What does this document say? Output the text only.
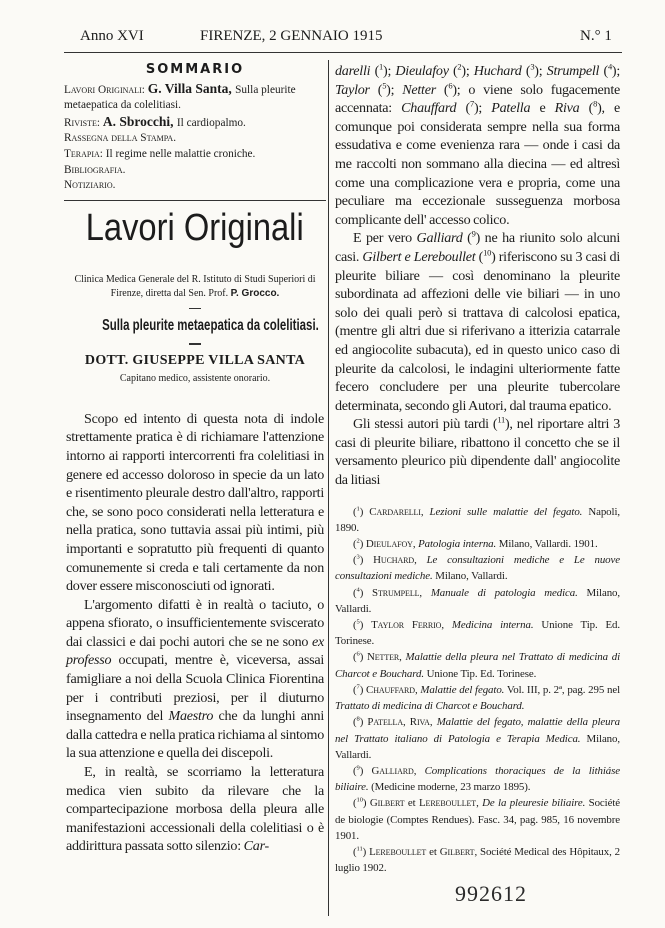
Anno XVI	FIRENZE, 2 GENNAIO 1915	N.° 1
SOMMARIO
Lavori Originali: G. Villa Santa, Sulla pleurite metaepatica da colelitiasi.
Riviste: A. Sbrocchi, Il cardiopalmo.
Rassegna della Stampa.
Terapia: Il regime nelle malattie croniche.
Bibliografia.
Notiziario.
Lavori Originali
Clinica Medica Generale del R. Istituto di Studi Superiori di Firenze, diretta dal Sen. Prof. P. Grocco.
Sulla pleurite metaepatica da colelitiasi.
DOTT. GIUSEPPE VILLA SANTA
Capitano medico, assistente onorario.

Scopo ed intento di questa nota di indole strettamente pratica è di richiamare l'attenzione intorno ai rapporti intercorrenti fra colelitiasi in genere ed accesso doloroso in specie da un lato e risentimento pleurale destro dall'altro, rapporti che, se sono poco considerati nella letteratura e nella pratica, sono tuttavia assai più intimi, più importanti e sopratutto più frequenti di quanto comunemente si creda e tali certamente da non dover essere misconosciuti od ignorati.

L'argomento difatti è in realtà o taciuto, o appena sfiorato, o insufficientemente sviscerato dai classici e dai pochi autori che se ne sono ex professo occupati, mentre è, viceversa, assai famigliare a noi della Scuola Clinica Fiorentina per i contributi preziosi, per il diuturno insegnamento del Maestro che da lunghi anni dalla cattedra e nella pratica richiama al sintomo la sua attenzione e quella dei discepoli.

E, in realtà, se scorriamo la letteratura medica vien subito da rilevare che la compartecipazione morbosa della pleura alle manifestazioni accessionali della colelitiasi o è addirittura passata sotto silenzio: Car-

darelli ($^1$); Dieulafoy ($^2$); Huchard ($^3$); Strumpell ($^4$); Taylor ($^5$); Netter ($^6$); o viene solo fugacemente accennata: Chauffard ($^7$); Patella e Riva ($^8$), e comunque poi considerata sempre nella sua forma essudativa e come evenienza rara — onde i casi da me raccolti non sommano alla diecina — ed altresì come una complicazione vera e propria, come una peculiare ma eccezionale susseguenza morbosa complicante dell' accesso colico.

E per vero Galliard ($^9$) ne ha riunito solo alcuni casi. Gilbert e Lereboullet ($^{10}$) riferiscono su 3 casi di pleurite biliare — così denominano la pleurite subordinata ad affezioni delle vie biliari — in uno solo dei quali però si trattava di calcolosi epatica, (mentre gli altri due si riferivano a itterizia catarrale ed angiocolite subacuta), ed in questo unico caso di pleurite da calcolosi, le indagini ulteriormente fatte fecero concludere per una pleurite tubercolare determinata, secondo gli Autori, dal trauma epatico.

Gli stessi autori più tardi ($^{11}$), nel riportare altri 3 casi di pleurite biliare, ribattono il concetto che se il versamento pleurico più dipendente dall' angiocolite da litiasi

($^1$) Cardarelli, Lezioni sulle malattie del fegato. Napoli, 1890.

($^2$) Dieulafoy, Patologia interna. Milano, Vallardi. 1901.

($^3$) Huchard, Le consultazioni mediche e Le nuove consultazioni mediche. Milano, Vallardi.

($^4$) Strumpell, Manuale di patologia medica. Milano, Vallardi.

($^5$) Taylor Ferrio, Medicina interna. Unione Tip. Ed. Torinese.

($^6$) Netter, Malattie della pleura nel Trattato di medicina di Charcot e Bouchard. Unione Tip. Ed. Torinese.

($^7$) Chauffard, Malattie del fegato. Vol. III, p. 2ª, pag. 295 nel Trattato di medicina di Charcot e Bouchard.

($^8$) Patella, Riva, Malattie del fegato, malattie della pleura nel Trattato italiano di Patologia e Terapia Medica. Milano, Vallardi.

($^9$) Galliard, Complications thoraciques de la lithiáse biliaire. (Medicine moderne, 23 marzo 1895).

($^{10}$) Gilbert et Lereboullet, De la pleuresie biliaire. Société de biologie (Comptes Rendues). Fasc. 34, pag. 985, 16 novembre 1901.

($^{11}$) Lereboullet et Gilbert, Société Medical des Hôpitaux, 2 luglio 1902.

992612
